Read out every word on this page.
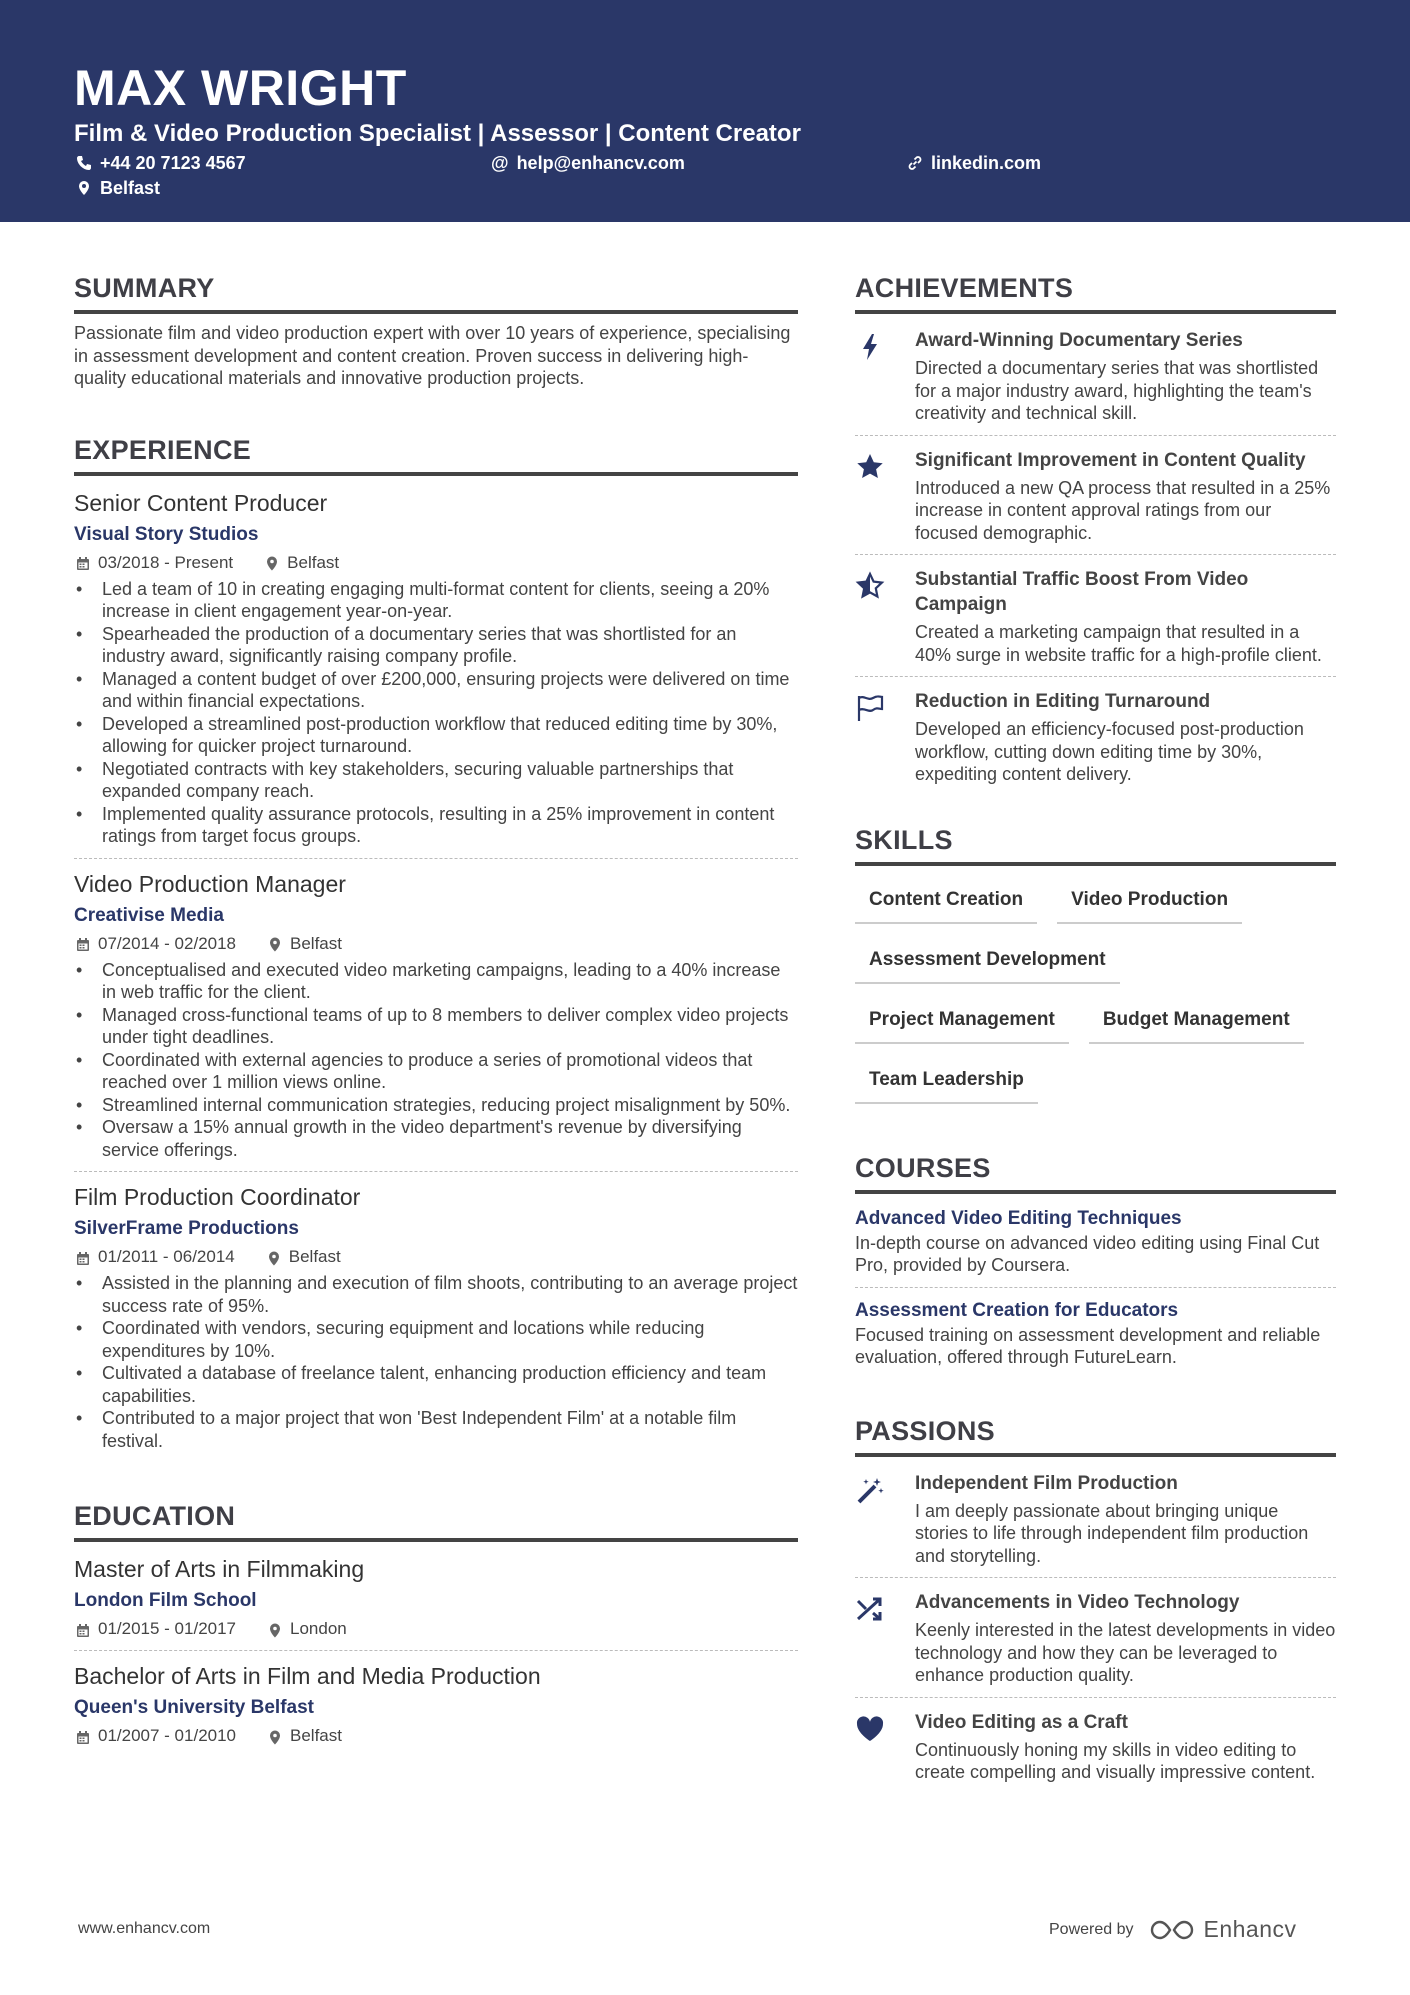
MAX WRIGHT
Film & Video Production Specialist | Assessor | Content Creator
+44 20 7123 4567	@ help@enhancv.com	linkedin.com
Belfast
SUMMARY
Passionate film and video production expert with over 10 years of experience, specialising in assessment development and content creation. Proven success in delivering high-quality educational materials and innovative production projects.
EXPERIENCE
Senior Content Producer
Visual Story Studios
03/2018 - Present	Belfast
• Led a team of 10 in creating engaging multi-format content for clients, seeing a 20% increase in client engagement year-on-year.
• Spearheaded the production of a documentary series that was shortlisted for an industry award, significantly raising company profile.
• Managed a content budget of over £200,000, ensuring projects were delivered on time and within financial expectations.
• Developed a streamlined post-production workflow that reduced editing time by 30%, allowing for quicker project turnaround.
• Negotiated contracts with key stakeholders, securing valuable partnerships that expanded company reach.
• Implemented quality assurance protocols, resulting in a 25% improvement in content ratings from target focus groups.
Video Production Manager
Creativise Media
07/2014 - 02/2018	Belfast
• Conceptualised and executed video marketing campaigns, leading to a 40% increase in web traffic for the client.
• Managed cross-functional teams of up to 8 members to deliver complex video projects under tight deadlines.
• Coordinated with external agencies to produce a series of promotional videos that reached over 1 million views online.
• Streamlined internal communication strategies, reducing project misalignment by 50%.
• Oversaw a 15% annual growth in the video department's revenue by diversifying service offerings.
Film Production Coordinator
SilverFrame Productions
01/2011 - 06/2014	Belfast
• Assisted in the planning and execution of film shoots, contributing to an average project success rate of 95%.
• Coordinated with vendors, securing equipment and locations while reducing expenditures by 10%.
• Cultivated a database of freelance talent, enhancing production efficiency and team capabilities.
• Contributed to a major project that won 'Best Independent Film' at a notable film festival.
EDUCATION
Master of Arts in Filmmaking
London Film School
01/2015 - 01/2017	London
Bachelor of Arts in Film and Media Production
Queen's University Belfast
01/2007 - 01/2010	Belfast
ACHIEVEMENTS
Award-Winning Documentary Series
Directed a documentary series that was shortlisted for a major industry award, highlighting the team's creativity and technical skill.
Significant Improvement in Content Quality
Introduced a new QA process that resulted in a 25% increase in content approval ratings from our focused demographic.
Substantial Traffic Boost From Video Campaign
Created a marketing campaign that resulted in a 40% surge in website traffic for a high-profile client.
Reduction in Editing Turnaround
Developed an efficiency-focused post-production workflow, cutting down editing time by 30%, expediting content delivery.
SKILLS
Content Creation	Video Production
Assessment Development
Project Management	Budget Management
Team Leadership
COURSES
Advanced Video Editing Techniques
In-depth course on advanced video editing using Final Cut Pro, provided by Coursera.
Assessment Creation for Educators
Focused training on assessment development and reliable evaluation, offered through FutureLearn.
PASSIONS
Independent Film Production
I am deeply passionate about bringing unique stories to life through independent film production and storytelling.
Advancements in Video Technology
Keenly interested in the latest developments in video technology and how they can be leveraged to enhance production quality.
Video Editing as a Craft
Continuously honing my skills in video editing to create compelling and visually impressive content.
www.enhancv.com	Powered by	Enhancv
